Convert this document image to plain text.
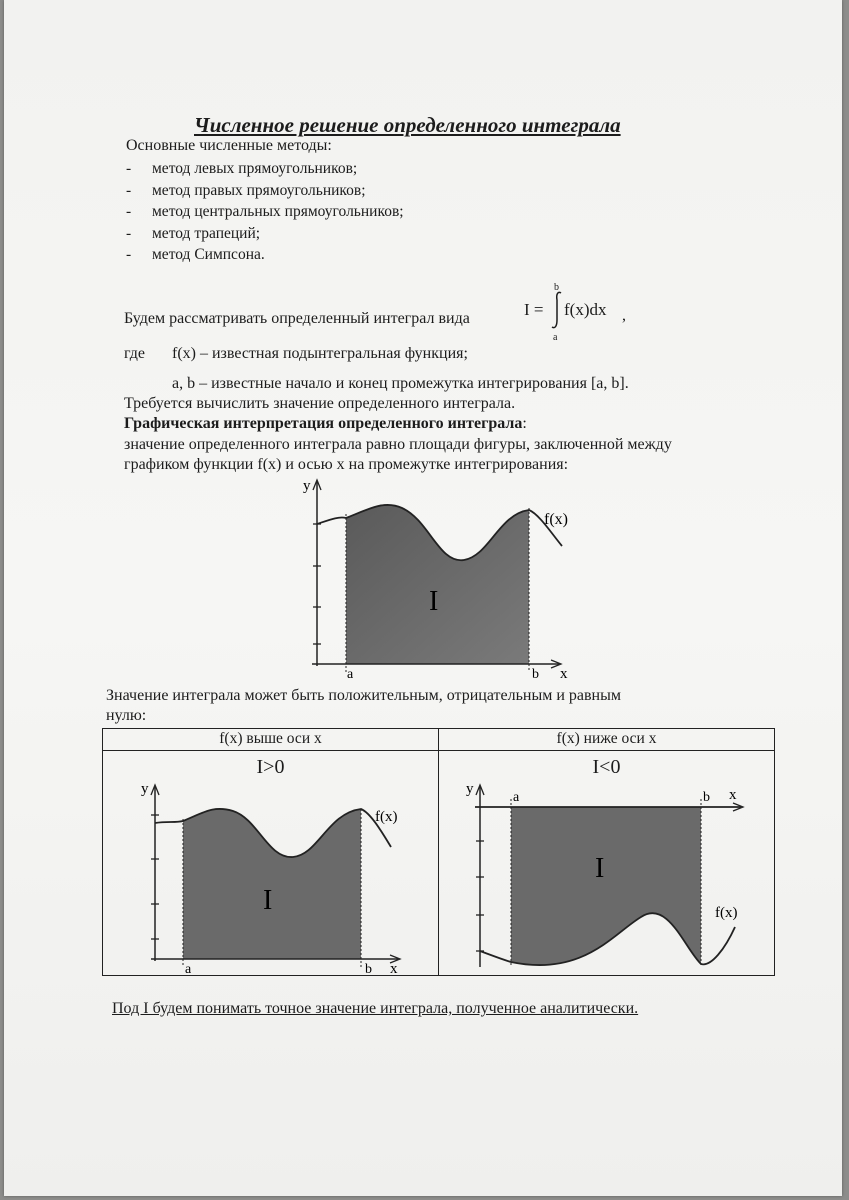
Численное решение определенного интеграла
Основные численные методы:
- метод левых прямоугольников;
- метод правых прямоугольников;
- метод центральных прямоугольников;
- метод трапеций;
- метод Симпсона.
Будем рассматривать определенный интеграл вида	I =
b
a
f(x)dx ,
где f(x) – известная подынтегральная функция;
a, b – известные начало и конец промежутка интегрирования [a, b].
Требуется вычислить значение определенного интеграла.
Графическая интерпретация определенного интеграла:
значение определенного интеграла равно площади фигуры, заключенной между
графиком функции f(x) и осью x на промежутке интегрирования:
y
a	b x
I
f(x)
Значение интеграла может быть положительным, отрицательным и равным
нулю:
f(x) выше оси x	f(x) ниже оси x
I>0	I<0
y
a	b x
I
f(x)
y
a	b x
I
f(x)
Под I будем понимать точное значение интеграла, полученное аналитически.
